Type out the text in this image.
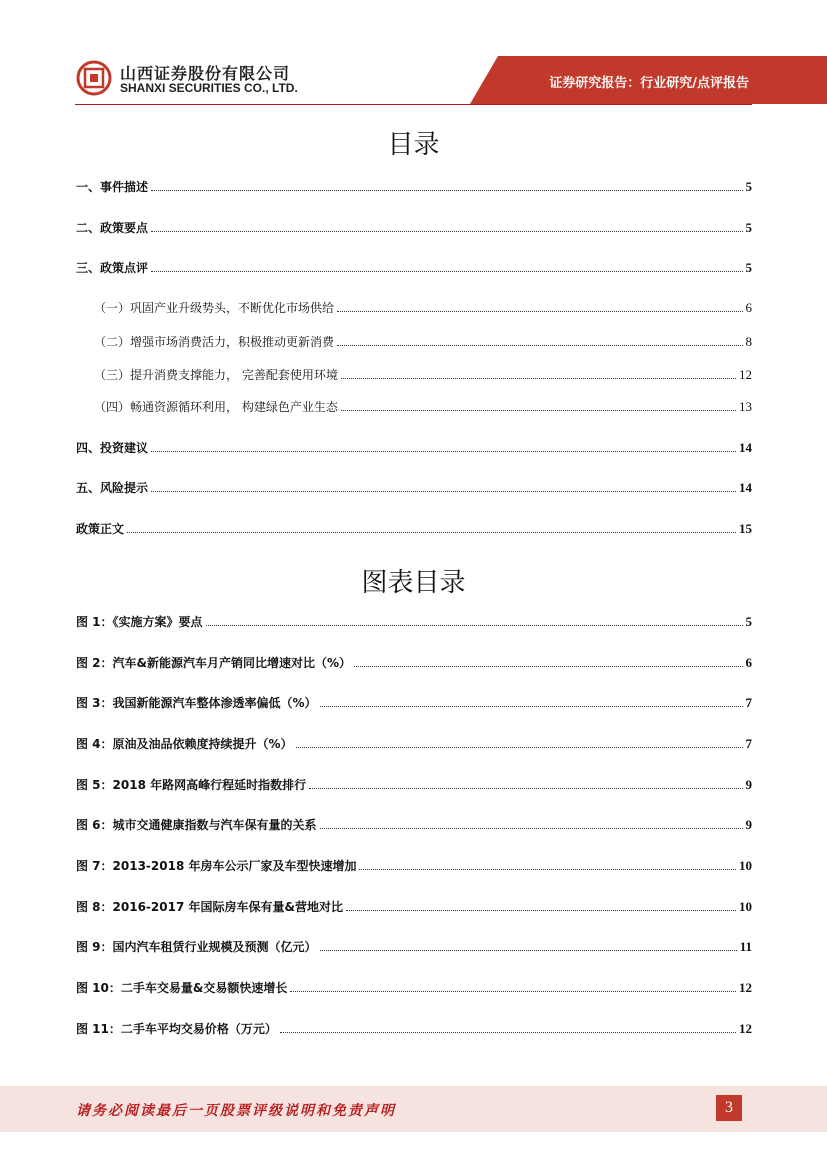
山西证券股份有限公司
SHANXI SECURITIES CO., LTD.	证券研究报告：行业研究/点评报告
目录
一、事件描述	5
二、政策要点	5
三、政策点评	5
（一）巩固产业升级势头，不断优化市场供给	6
（二）增强市场消费活力，积极推动更新消费	8
（三）提升消费支撑能力， 完善配套使用环境	12
（四）畅通资源循环利用， 构建绿色产业生态	13
四、投资建议	14
五、风险提示	14
政策正文	15
图表目录
图 1：《实施方案》要点	5
图 2：汽车&新能源汽车月产销同比增速对比（%）	6
图 3：我国新能源汽车整体渗透率偏低（%）	7
图 4：原油及油品依赖度持续提升（%）	7
图 5：2018 年路网高峰行程延时指数排行	9
图 6：城市交通健康指数与汽车保有量的关系	9
图 7：2013-2018 年房车公示厂家及车型快速增加	10
图 8：2016-2017 年国际房车保有量&营地对比	10
图 9：国内汽车租赁行业规模及预测（亿元）	11
图 10：二手车交易量&交易额快速增长	12
图 11：二手车平均交易价格（万元）	12
请务必阅读最后一页股票评级说明和免责声明	3
